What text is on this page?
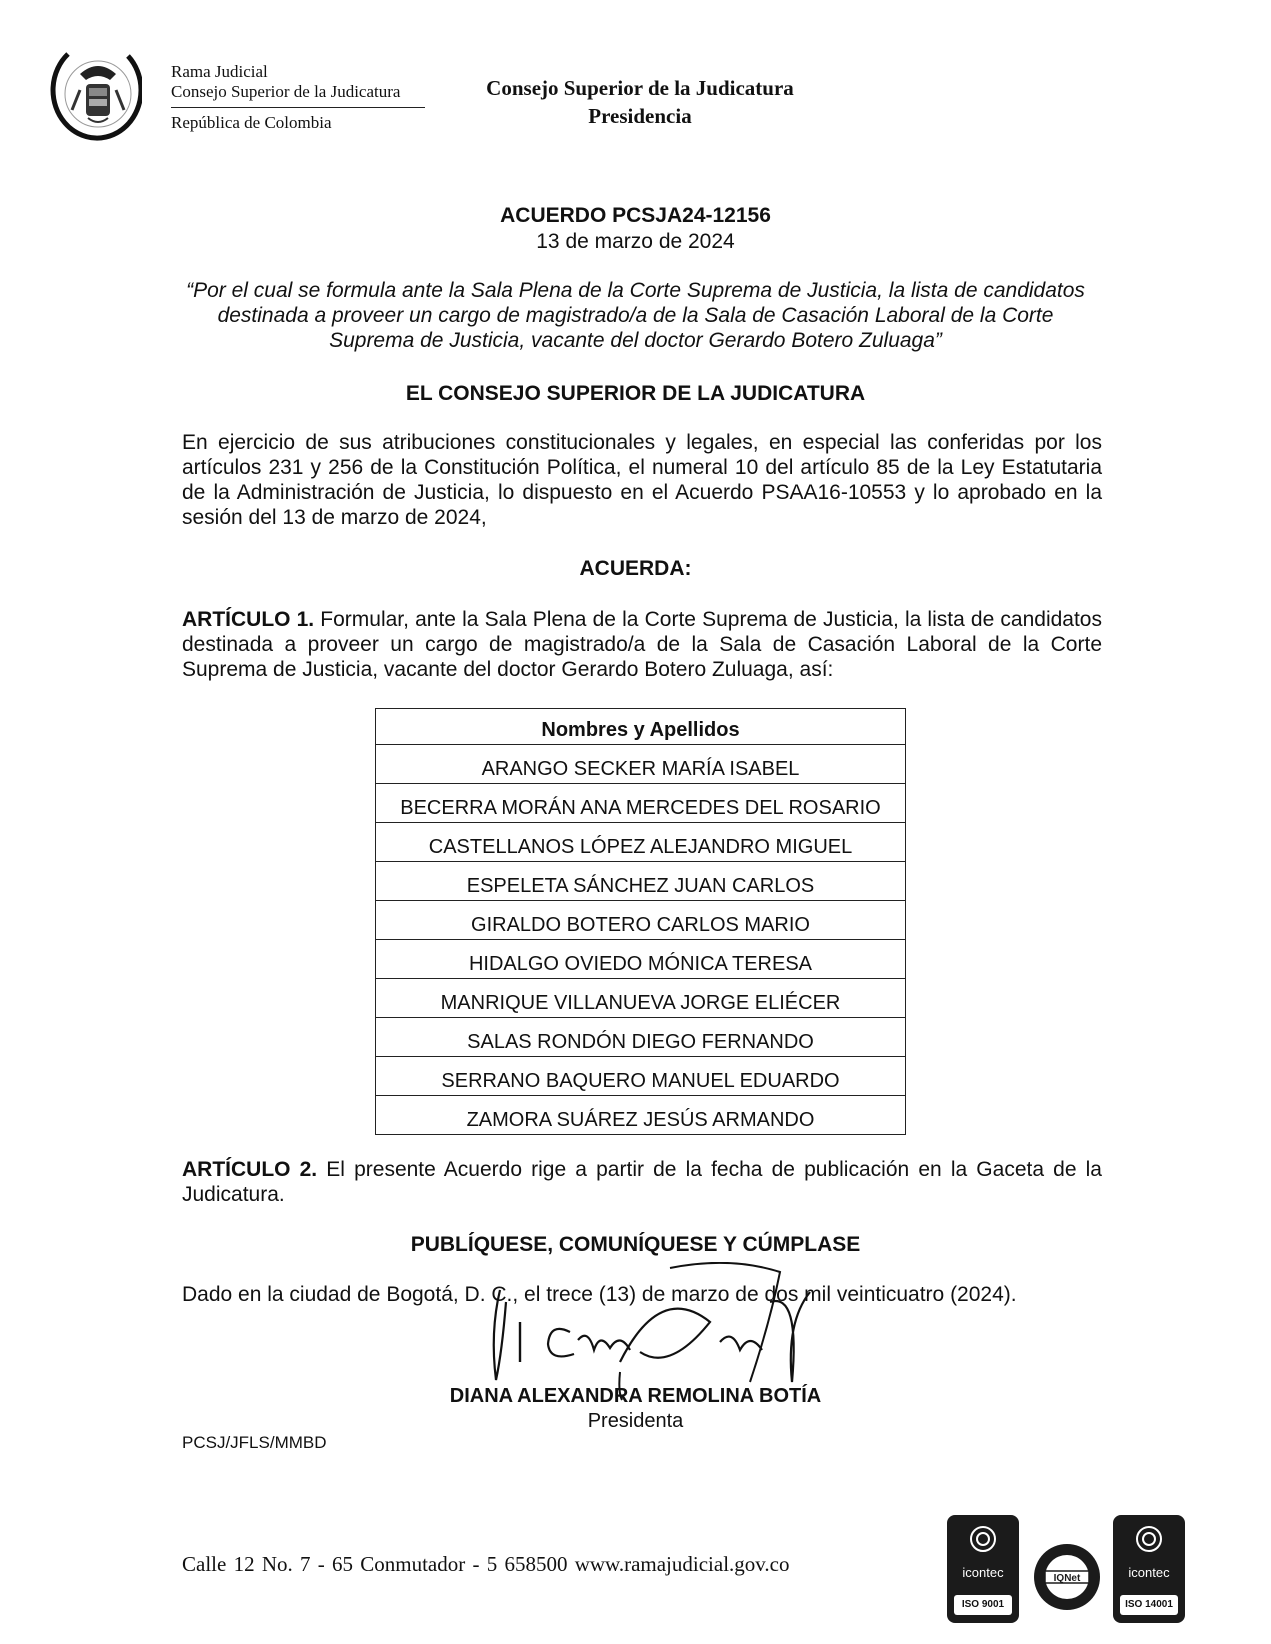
Rama Judicial
Consejo Superior de la Judicatura
República de Colombia
Consejo Superior de la Judicatura
Presidencia
ACUERDO PCSJA24-12156
13 de marzo de 2024
“Por el cual se formula ante la Sala Plena de la Corte Suprema de Justicia, la lista de candidatos destinada a proveer un cargo de magistrado/a de la Sala de Casación Laboral de la Corte Suprema de Justicia, vacante del doctor Gerardo Botero Zuluaga”
EL CONSEJO SUPERIOR DE LA JUDICATURA
En ejercicio de sus atribuciones constitucionales y legales, en especial las conferidas por los artículos 231 y 256 de la Constitución Política, el numeral 10 del artículo 85 de la Ley Estatutaria de la Administración de Justicia, lo dispuesto en el Acuerdo PSAA16-10553 y lo aprobado en la sesión del 13 de marzo de 2024,
ACUERDA:
ARTÍCULO 1. Formular, ante la Sala Plena de la Corte Suprema de Justicia, la lista de candidatos destinada a proveer un cargo de magistrado/a de la Sala de Casación Laboral de la Corte Suprema de Justicia, vacante del doctor Gerardo Botero Zuluaga, así:
Nombres y Apellidos
ARANGO SECKER MARÍA ISABEL
BECERRA MORÁN ANA MERCEDES DEL ROSARIO
CASTELLANOS LÓPEZ ALEJANDRO MIGUEL
ESPELETA SÁNCHEZ JUAN CARLOS
GIRALDO BOTERO CARLOS MARIO
HIDALGO OVIEDO MÓNICA TERESA
MANRIQUE VILLANUEVA JORGE ELIÉCER
SALAS RONDÓN DIEGO FERNANDO
SERRANO BAQUERO MANUEL EDUARDO
ZAMORA SUÁREZ JESÚS ARMANDO
ARTÍCULO 2. El presente Acuerdo rige a partir de la fecha de publicación en la Gaceta de la Judicatura.
PUBLÍQUESE, COMUNÍQUESE Y CÚMPLASE
Dado en la ciudad de Bogotá, D. C., el trece (13) de marzo de dos mil veinticuatro (2024).
DIANA ALEXANDRA REMOLINA BOTÍA
Presidenta
PCSJ/JFLS/MMBD
Calle 12 No. 7 - 65 Conmutador - 5 658500 www.ramajudicial.gov.co	icontec
ISO 9001
IQNet	icontec
ISO 14001
